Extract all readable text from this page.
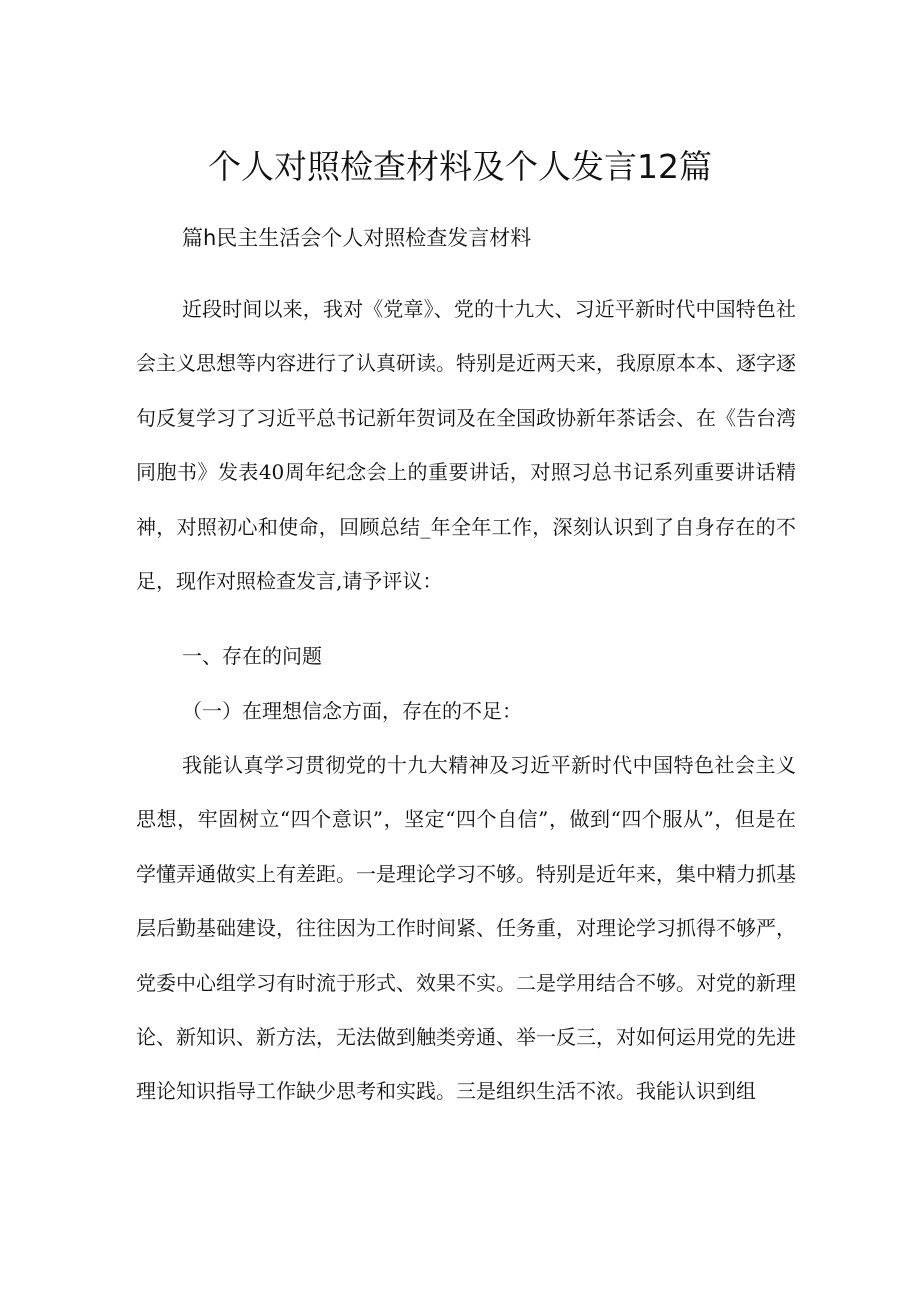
个人对照检查材料及个人发言12篇
篇h民主生活会个人对照检查发言材料

近段时间以来，我对《党章》、党的十九大、习近平新时代中国特色社会主义思想等内容进行了认真研读。特别是近两天来，我原原本本、逐字逐句反复学习了习近平总书记新年贺词及在全国政协新年茶话会、在《告台湾同胞书》发表40周年纪念会上的重要讲话，对照习总书记系列重要讲话精神，对照初心和使命，回顾总结_年全年工作，深刻认识到了自身存在的不足，现作对照检查发言,请予评议：

一、存在的问题

（一）在理想信念方面，存在的不足：

我能认真学习贯彻党的十九大精神及习近平新时代中国特色社会主义思想，牢固树立“四个意识”，坚定“四个自信”，做到“四个服从”，但是在学懂弄通做实上有差距。一是理论学习不够。特别是近年来，集中精力抓基层后勤基础建设，往往因为工作时间紧、任务重，对理论学习抓得不够严，党委中心组学习有时流于形式、效果不实。二是学用结合不够。对党的新理论、新知识、新方法，无法做到触类旁通、举一反三，对如何运用党的先进理论知识指导工作缺少思考和实践。三是组织生活不浓。我能认识到组
